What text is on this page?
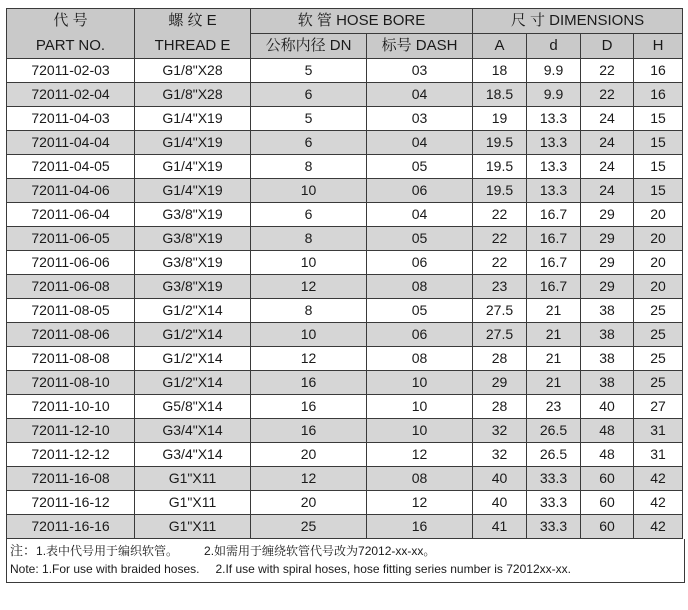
代 号	螺 纹 E	软 管 HOSE BORE		尺 寸 DIMENSIONS			
PART NO.	THREAD E	公称内径 DN	标号 DASH	A	d	D	H
72011-02-03	G1/8"X28	5	03	18	9.9	22	16
72011-02-04	G1/8"X28	6	04	18.5	9.9	22	16
72011-04-03	G1/4"X19	5	03	19	13.3	24	15
72011-04-04	G1/4"X19	6	04	19.5	13.3	24	15
72011-04-05	G1/4"X19	8	05	19.5	13.3	24	15
72011-04-06	G1/4"X19	10	06	19.5	13.3	24	15
72011-06-04	G3/8"X19	6	04	22	16.7	29	20
72011-06-05	G3/8"X19	8	05	22	16.7	29	20
72011-06-06	G3/8"X19	10	06	22	16.7	29	20
72011-06-08	G3/8"X19	12	08	23	16.7	29	20
72011-08-05	G1/2"X14	8	05	27.5	21	38	25
72011-08-06	G1/2"X14	10	06	27.5	21	38	25
72011-08-08	G1/2"X14	12	08	28	21	38	25
72011-08-10	G1/2"X14	16	10	29	21	38	25
72011-10-10	G5/8"X14	16	10	28	23	40	27
72011-12-10	G3/4"X14	16	10	32	26.5	48	31
72011-12-12	G3/4"X14	20	12	32	26.5	48	31
72011-16-08	G1"X11	12	08	40	33.3	60	42
72011-16-12	G1"X11	20	12	40	33.3	60	42
72011-16-16	G1"X11	25	16	41	33.3	60	42
注：1.表中代号用于编织软管。 2.如需用于缠绕软管代号改为72012-xx-xx。
Note: 1.For use with braided hoses. 2.If use with spiral hoses, hose fitting series number is 72012xx-xx.
